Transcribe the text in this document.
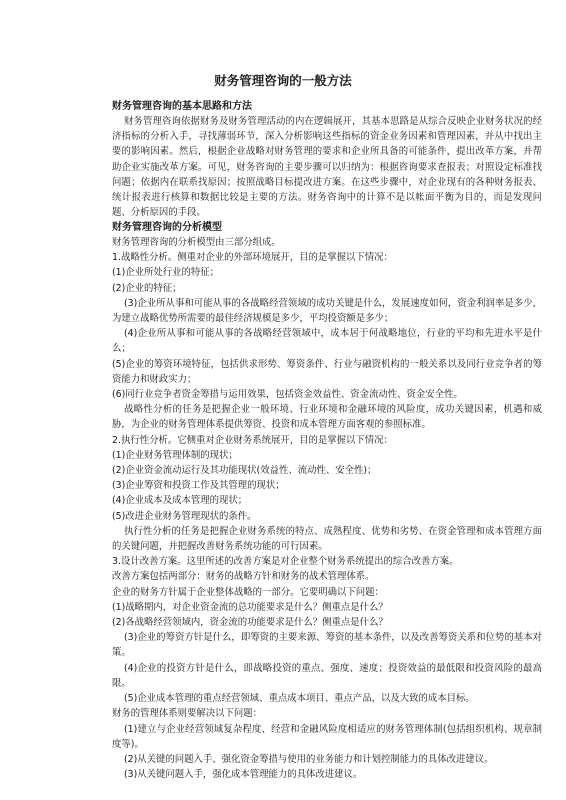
财务管理咨询的一般方法
财务管理咨询的基本思路和方法

财务管理咨询依据财务及财务管理活动的内在逻辑展开，其基本思路是从综合反映企业财务状况的经济指标的分析入手，寻找薄弱环节，深入分析影响这些指标的资金业务因素和管理因素，并从中找出主要的影响因素。然后，根据企业战略对财务管理的要求和企业所具备的可能条件，提出改革方案，并帮助企业实施改革方案。可见，财务咨询的主要步骤可以归纳为：根据咨询要求查报表；对照设定标准找问题；依据内在联系找原因；按照战略目标提改进方案。在这些步骤中，对企业现有的各种财务报表、统计报表进行核算和数据比较是主要的方法。财务咨询中的计算不是以帐面平衡为目的，而是发现问题、分析原因的手段。

财务管理咨询的分析模型

财务管理咨询的分析模型由三部分组成。

1.战略性分析。侧重对企业的外部环境展开，目的是掌握以下情况：

(1)企业所处行业的特征；

(2)企业的特征；

(3)企业所从事和可能从事的各战略经营领域的成功关键是什么，发展速度如何，资金利润率是多少，为建立战略优势所需要的最佳经济规模是多少，平均投资额是多少；

(4)企业所从事和可能从事的各战略经营领域中，成本居于何战略地位，行业的平均和先进水平是什么；

(5)企业的筹资环境特征，包括供求形势、筹资条件、行业与融资机构的一般关系以及同行业竞争者的筹资能力和财政实力；

(6)同行业竞争者资金筹措与运用效果，包括资金效益性、资金流动性、资金安全性。

战略性分析的任务是把握企业一般环境、行业环境和金融环境的风险度，成功关键因素，机遇和威胁，为企业的财务管理体系提供筹资、投资和成本管理方面客观的参照标准。

2.执行性分析。它侧重对企业财务系统展开，目的是掌握以下情况：

(1)企业财务管理体制的现状；

(2)企业资金流动运行及其功能现状(效益性、流动性、安全性)；

(3)企业筹资和投资工作及其管理的现状；

(4)企业成本及成本管理的现状；

(5)改进企业财务管理现状的条件。

执行性分析的任务是把握企业财务系统的特点、成熟程度、优势和劣势、在资金管理和成本管理方面的关键问题，并把握改善财务系统功能的可行因素。

3.设计改善方案。这里所述的改善方案是对企业整个财务系统提出的综合改善方案。

改善方案包括两部分：财务的战略方针和财务的战术管理体系。

企业的财务方针属于企业整体战略的一部分。它要明确以下问题：

(1)战略期内，对企业资金流的总功能要求是什么？侧重点是什么？

(2)各战略经营领域内，资金流的功能要求是什么？侧重点是什么？

(3)企业的筹资方针是什么，即筹资的主要来源、筹资的基本条件，以及改善筹资关系和位势的基本对策。

(4)企业的投资方针是什么，即战略投资的重点、强度、速度；投资效益的最低限和投资风险的最高限。

(5)企业成本管理的重点经营领域、重点成本项目、重点产品，以及大致的成本目标。

财务的管理体系则要解决以下问题：

(1)建立与企业经营领域复杂程度、经营和金融风险度相适应的财务管理体制(包括组织机构、规章制度等)。

(2)从关键的问题入手、强化资金筹措与使用的业务能力和计划控制能力的具体改进建议。

(3)从关键问题入手，强化成本管理能力的具体改进建议。
